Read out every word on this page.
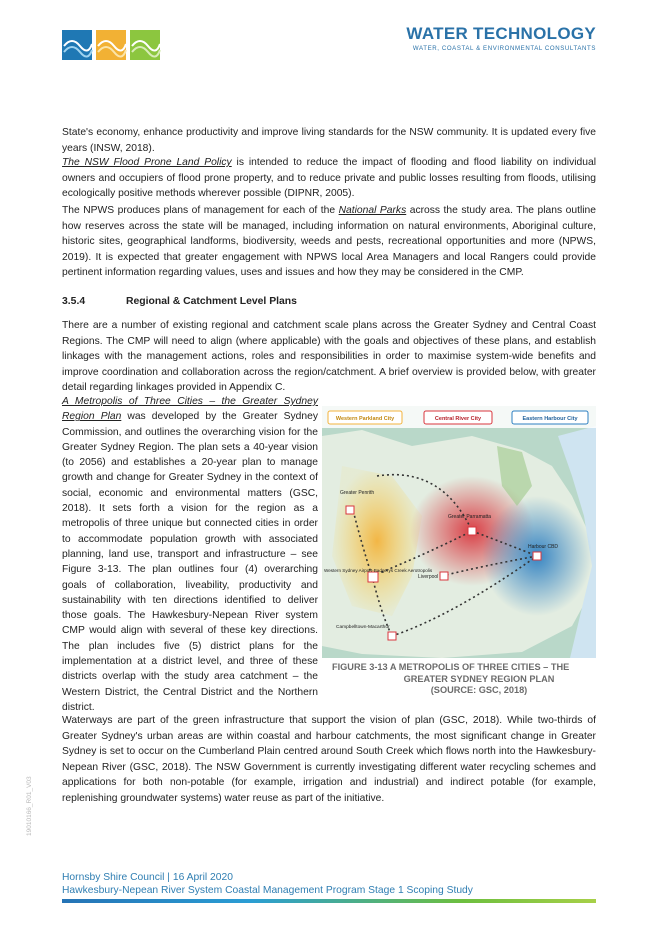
WATER TECHNOLOGY
WATER, COASTAL & ENVIRONMENTAL CONSULTANTS

State's economy, enhance productivity and improve living standards for the NSW community. It is updated every five years (INSW, 2018).

The NSW Flood Prone Land Policy is intended to reduce the impact of flooding and flood liability on individual owners and occupiers of flood prone property, and to reduce private and public losses resulting from floods, utilising ecologically positive methods wherever possible (DIPNR, 2005).

The NPWS produces plans of management for each of the National Parks across the study area. The plans outline how reserves across the state will be managed, including information on natural environments, Aboriginal culture, historic sites, geographical landforms, biodiversity, weeds and pests, recreational opportunities and more (NPWS, 2019). It is expected that greater engagement with NPWS local Area Managers and local Rangers could provide pertinent information regarding values, uses and issues and how they may be considered in the CMP.

3.5.4	Regional & Catchment Level Plans

There are a number of existing regional and catchment scale plans across the Greater Sydney and Central Coast Regions. The CMP will need to align (where applicable) with the goals and objectives of these plans, and establish linkages with the management actions, roles and responsibilities in order to maximise system-wide benefits and improve coordination and collaboration across the region/catchment. A brief overview is provided below, with greater detail regarding linkages provided in Appendix C.

A Metropolis of Three Cities – the Greater Sydney Region Plan was developed by the Greater Sydney Commission, and outlines the overarching vision for the Greater Sydney Region. The plan sets a 40-year vision (to 2056) and establishes a 20-year plan to manage growth and change for Greater Sydney in the context of social, economic and environmental matters (GSC, 2018). It sets forth a vision for the region as a metropolis of three unique but connected cities in order to accommodate population growth with associated planning, land use, transport and infrastructure – see Figure 3-13. The plan outlines four (4) overarching goals of collaboration, liveability, productivity and sustainability with ten directions identified to deliver those goals. The Hawkesbury-Nepean River system CMP would align with several of these key directions. The plan includes five (5) district plans for the implementation at a district level, and three of these districts overlap with the study area catchment – the Western District, the Central District and the Northern district.

Western Parkland City	Central River City	Eastern Harbour City
Greater Penrith
Greater Parramatta
Harbour CBD
Western Sydney Airport-Badgerys Creek Aerotropolis
Liverpool
Campbelltown-Macarthur
FIGURE 3-13 A METROPOLIS OF THREE CITIES – THE
GREATER SYDNEY REGION PLAN
(SOURCE: GSC, 2018)

Waterways are part of the green infrastructure that support the vision of plan (GSC, 2018). While two-thirds of Greater Sydney's urban areas are within coastal and harbour catchments, the most significant change in Greater Sydney is set to occur on the Cumberland Plain centred around South Creek which flows north into the Hawkesbury-Nepean River (GSC, 2018). The NSW Government is currently investigating different water recycling schemes and applications for both non-potable (for example, irrigation and industrial) and indirect potable (for example, replenishing groundwater systems) water reuse as part of the initiative.

19010166_R01_V03
Hornsby Shire Council | 16 April 2020
Hawkesbury-Nepean River System Coastal Management Program Stage 1 Scoping Study
